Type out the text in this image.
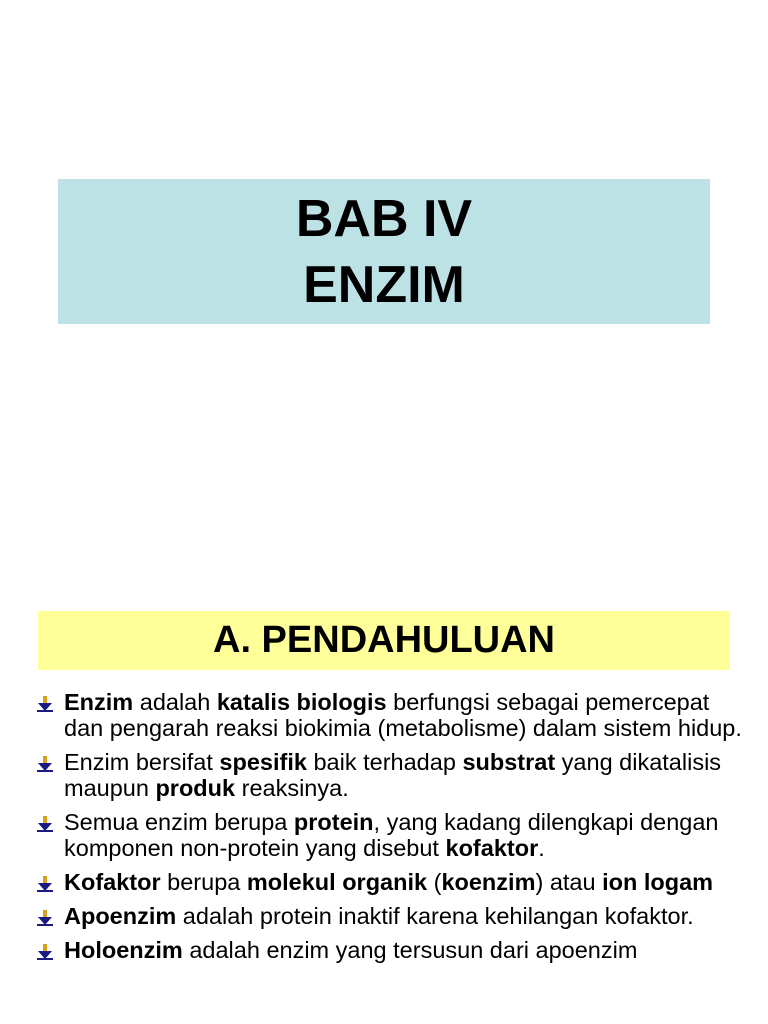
BAB IV
ENZIM
A. PENDAHULUAN
Enzim adalah katalis biologis berfungsi sebagai pemercepat dan pengarah reaksi biokimia (metabolisme) dalam sistem hidup.
Enzim bersifat spesifik baik terhadap substrat yang dikatalisis maupun produk reaksinya.
Semua enzim berupa protein, yang kadang dilengkapi dengan komponen non-protein yang disebut kofaktor.
Kofaktor berupa molekul organik (koenzim) atau ion logam
Apoenzim adalah protein inaktif karena kehilangan kofaktor.
Holoenzim adalah enzim yang tersusun dari apoenzim
